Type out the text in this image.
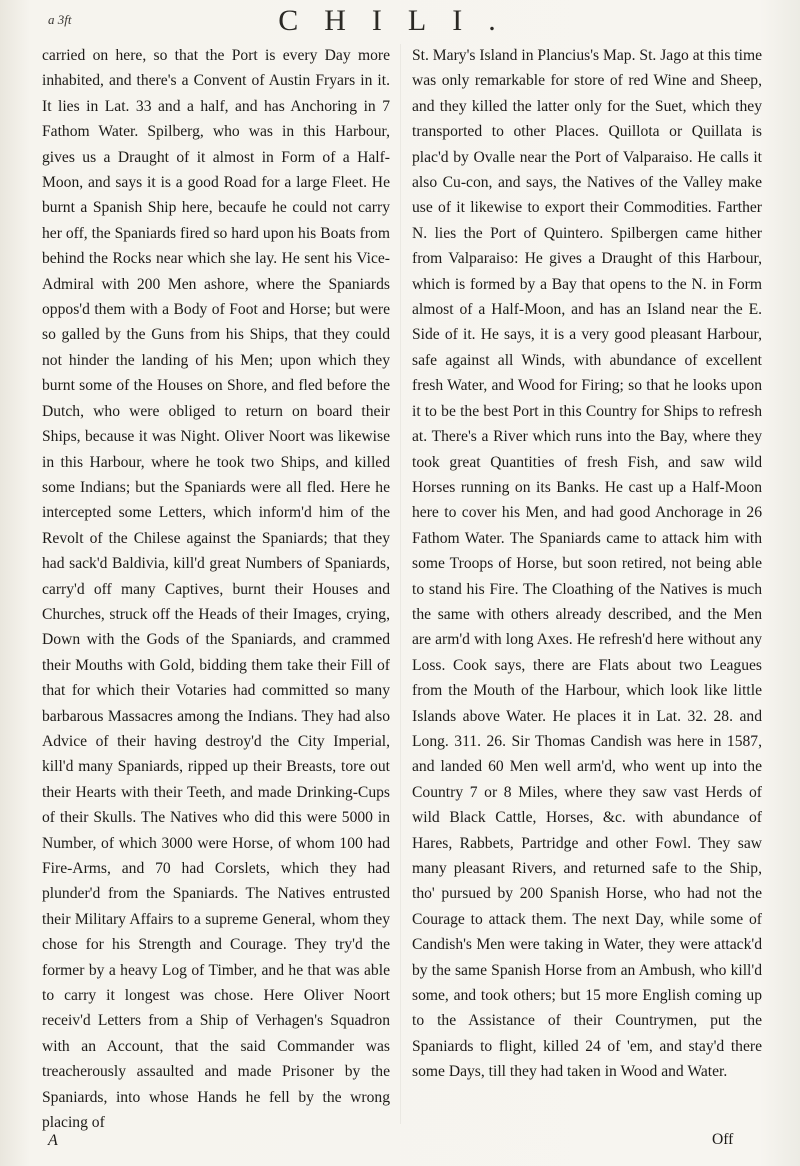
a 3ft	CHILI.

carried on here, so that the Port is every Day more inhabited, and there's a Convent of Austin Fryars in it. It lies in Lat. 33 and a half, and has Anchoring in 7 Fathom Water. Spilberg, who was in this Harbour, gives us a Draught of it almost in Form of a Half-Moon, and says it is a good Road for a large Fleet. He burnt a Spanish Ship here, becaufe he could not carry her off, the Spaniards fired so hard upon his Boats from behind the Rocks near which she lay. He sent his Vice-Admiral with 200 Men ashore, where the Spaniards oppos'd them with a Body of Foot and Horse; but were so galled by the Guns from his Ships, that they could not hinder the landing of his Men; upon which they burnt some of the Houses on Shore, and fled before the Dutch, who were obliged to return on board their Ships, because it was Night. Oliver Noort was likewise in this Harbour, where he took two Ships, and killed some Indians; but the Spaniards were all fled. Here he intercepted some Letters, which inform'd him of the Revolt of the Chilese against the Spaniards; that they had sack'd Baldivia, kill'd great Numbers of Spaniards, carry'd off many Captives, burnt their Houses and Churches, struck off the Heads of their Images, crying, Down with the Gods of the Spaniards, and crammed their Mouths with Gold, bidding them take their Fill of that for which their Votaries had committed so many barbarous Massacres among the Indians. They had also Advice of their having destroy'd the City Imperial, kill'd many Spaniards, ripped up their Breasts, tore out their Hearts with their Teeth, and made Drinking-Cups of their Skulls. The Natives who did this were 5000 in Number, of which 3000 were Horse, of whom 100 had Fire-Arms, and 70 had Corslets, which they had plunder'd from the Spaniards. The Natives entrusted their Military Affairs to a supreme General, whom they chose for his Strength and Courage. They try'd the former by a heavy Log of Timber, and he that was able to carry it longest was chose. Here Oliver Noort receiv'd Letters from a Ship of Verhagen's Squadron with an Account, that the said Commander was treacherously assaulted and made Prisoner by the Spaniards, into whose Hands he fell by the wrong placing of

St. Mary's Island in Plancius's Map. St. Jago at this time was only remarkable for store of red Wine and Sheep, and they killed the latter only for the Suet, which they transported to other Places. Quillota or Quillata is plac'd by Ovalle near the Port of Valparaiso. He calls it also Cu-con, and says, the Natives of the Valley make use of it likewise to export their Commodities. Farther N. lies the Port of Quintero. Spilbergen came hither from Valparaiso: He gives a Draught of this Harbour, which is formed by a Bay that opens to the N. in Form almost of a Half-Moon, and has an Island near the E. Side of it. He says, it is a very good pleasant Harbour, safe against all Winds, with abundance of excellent fresh Water, and Wood for Firing; so that he looks upon it to be the best Port in this Country for Ships to refresh at. There's a River which runs into the Bay, where they took great Quantities of fresh Fish, and saw wild Horses running on its Banks. He cast up a Half-Moon here to cover his Men, and had good Anchorage in 26 Fathom Water. The Spaniards came to attack him with some Troops of Horse, but soon retired, not being able to stand his Fire. The Cloathing of the Natives is much the same with others already described, and the Men are arm'd with long Axes. He refresh'd here without any Loss. Cook says, there are Flats about two Leagues from the Mouth of the Harbour, which look like little Islands above Water. He places it in Lat. 32. 28. and Long. 311. 26. Sir Thomas Candish was here in 1587, and landed 60 Men well arm'd, who went up into the Country 7 or 8 Miles, where they saw vast Herds of wild Black Cattle, Horses, &c. with abundance of Hares, Rabbets, Partridge and other Fowl. They saw many pleasant Rivers, and returned safe to the Ship, tho' pursued by 200 Spanish Horse, who had not the Courage to attack them. The next Day, while some of Candish's Men were taking in Water, they were attack'd by the same Spanish Horse from an Ambush, who kill'd some, and took others; but 15 more English coming up to the Assistance of their Countrymen, put the Spaniards to flight, killed 24 of 'em, and stay'd there some Days, till they had taken in Wood and Water.

A	Off
